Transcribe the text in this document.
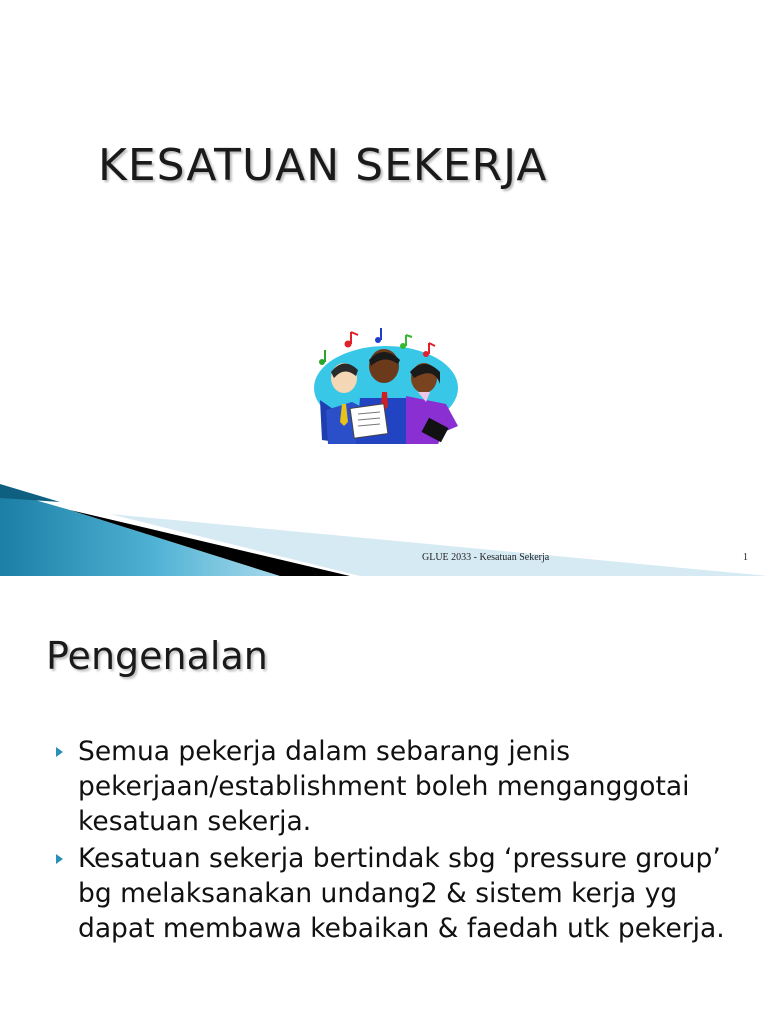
KESATUAN SEKERJA
GLUE 2033 - Kesatuan Sekerja	1
Pengenalan
Semua pekerja dalam sebarang jenis pekerjaan/establishment boleh menganggotai kesatuan sekerja.
Kesatuan sekerja bertindak sbg ‘pressure group’ bg melaksanakan undang2 & sistem kerja yg dapat membawa kebaikan & faedah utk pekerja.
